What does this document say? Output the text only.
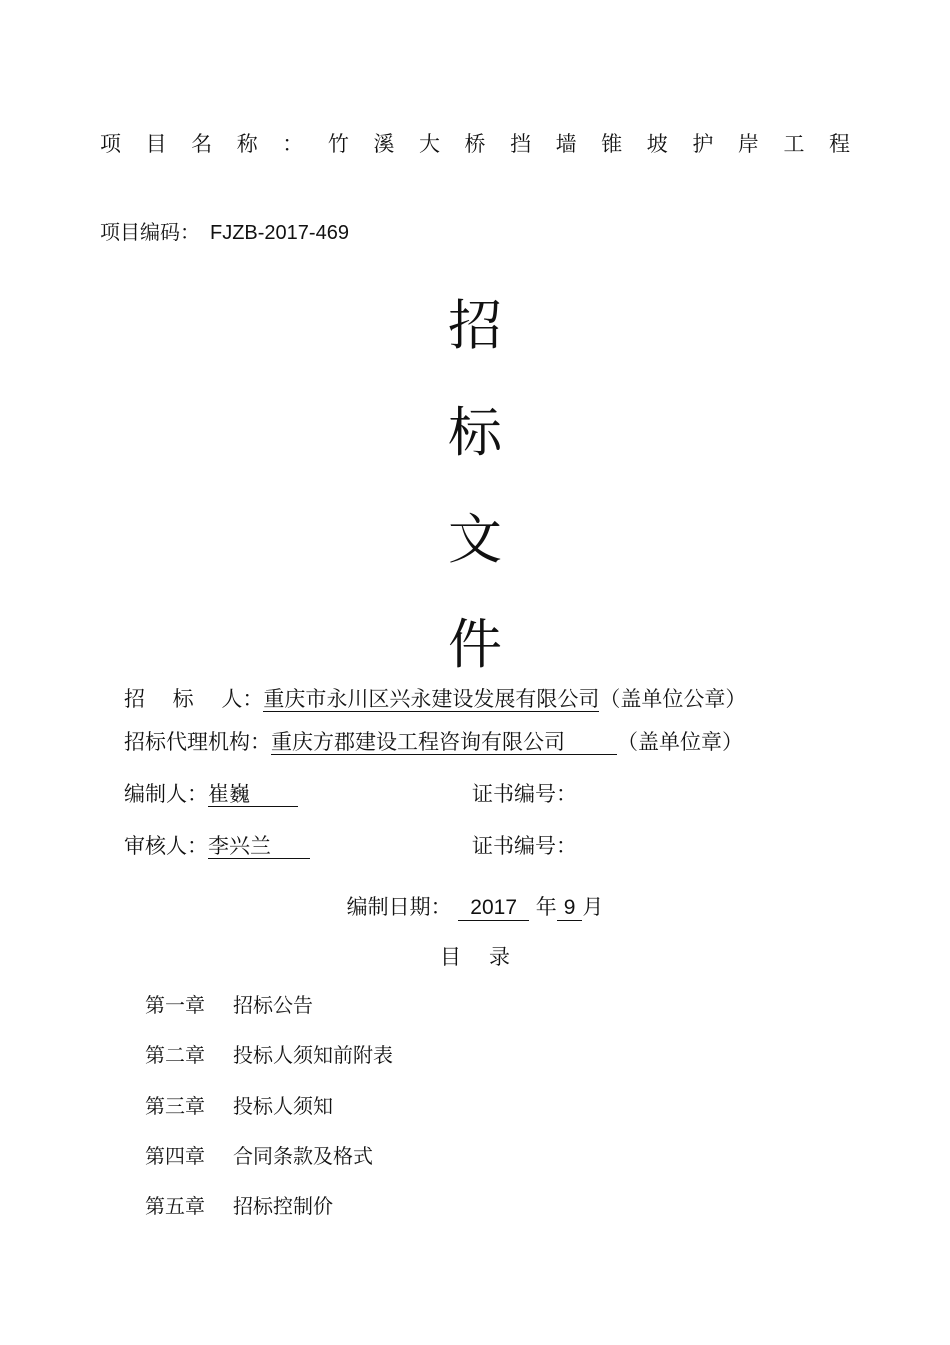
项 目 名 称 ： 竹 溪 大 桥 挡 墙 锥 坡 护 岸 工 程
项目编码： FJZB-2017-469
招
标
文
件
招　 标　 人：重庆市永川区兴永建设发展有限公司（盖单位公章）
招标代理机构：重庆方郡建设工程咨询有限公司 （盖单位章）
编制人：崔巍	证书编号：
审核人：李兴兰	证书编号：
编制日期： 2017 年 9 月
目录
第一章 招标公告
第二章 投标人须知前附表
第三章 投标人须知
第四章 合同条款及格式
第五章 招标控制价
